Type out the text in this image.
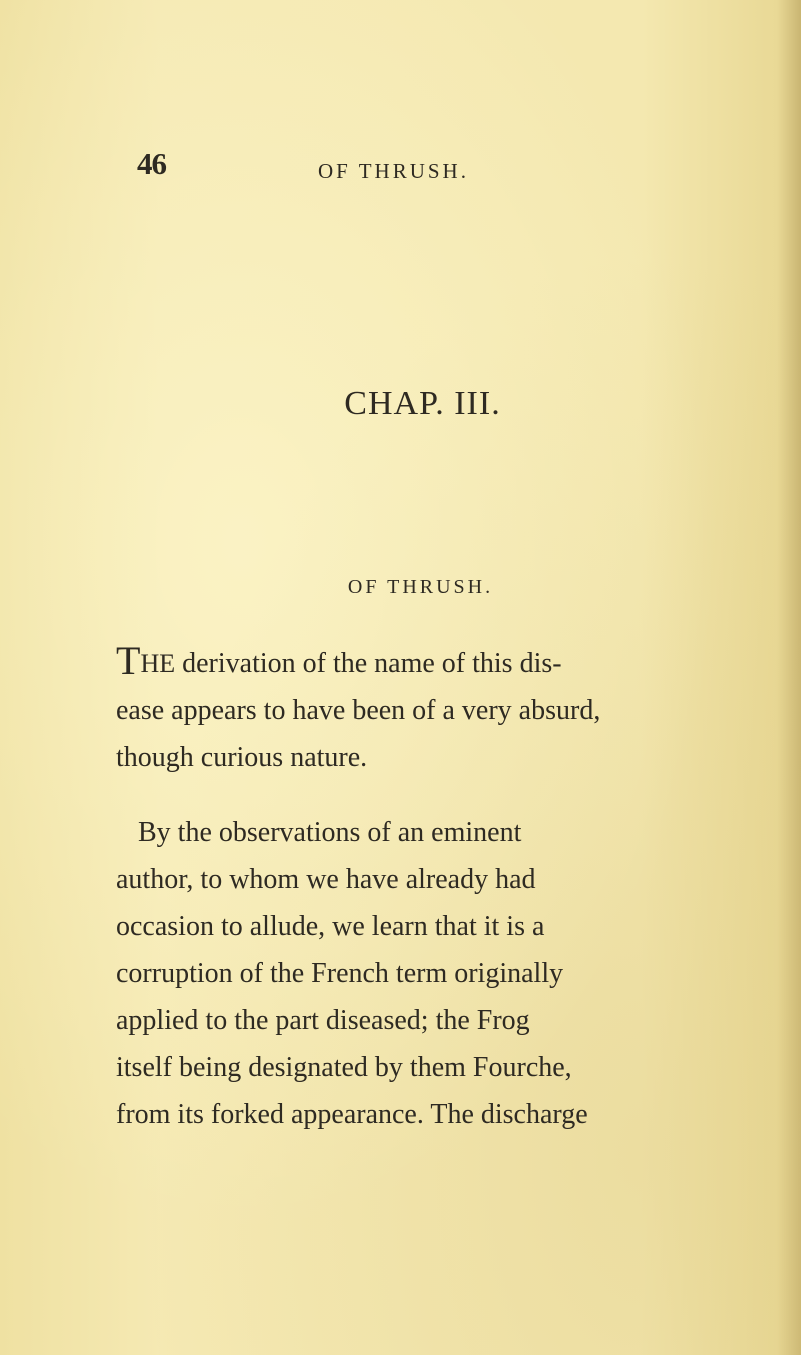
46	OF THRUSH.
CHAP. III.
OF THRUSH.
THE derivation of the name of this dis-
ease appears to have been of a very absurd,
though curious nature.
By the observations of an eminent
author, to whom we have already had
occasion to allude, we learn that it is a
corruption of the French term originally
applied to the part diseased; the Frog
itself being designated by them Fourche,
from its forked appearance. The discharge
